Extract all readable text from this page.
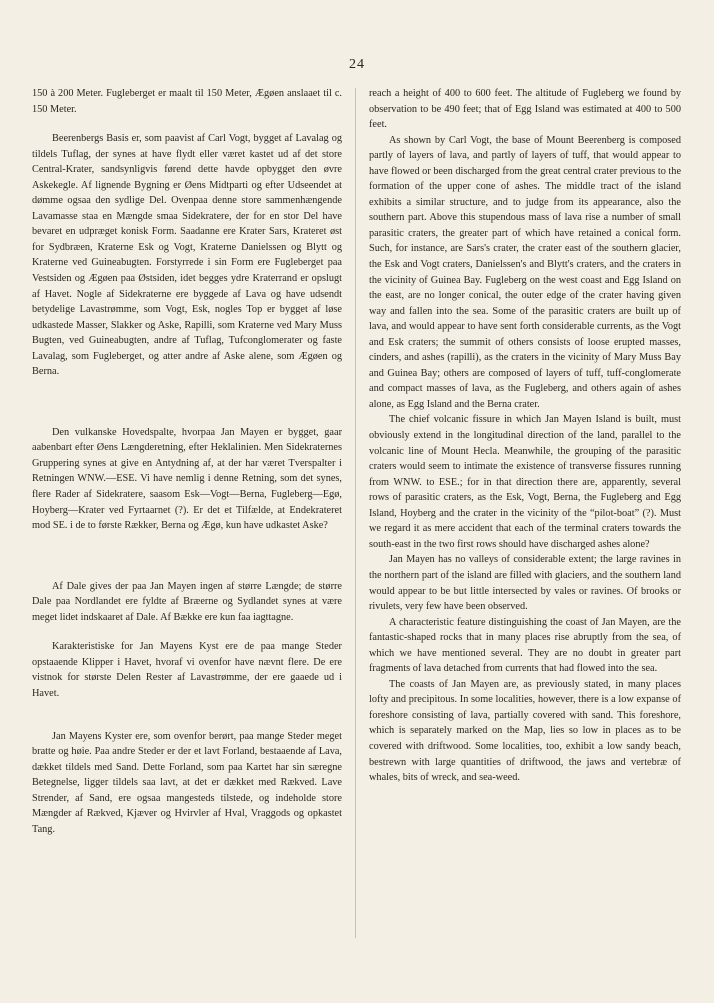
24

150 à 200 Meter. Fugleberget er maalt til 150 Meter, Ægøen anslaaet til c. 150 Meter.

Beerenbergs Basis er, som paavist af Carl Vogt, bygget af Lavalag og tildels Tuflag, der synes at have flydt eller været kastet ud af det store Central-Krater, sandsynligvis førend dette havde opbygget den øvre Askekegle. Af lignende Bygning er Øens Midtparti og efter Udseendet at dømme ogsaa den sydlige Del. Ovenpaa denne store sammenhængende Lavamasse staa en Mængde smaa Sidekratere, der for en stor Del have bevaret en udpræget konisk Form. Saadanne ere Krater Sars, Krateret øst for Sydbræen, Kraterne Esk og Vogt, Kraterne Danielssen og Blytt og Kraterne ved Guineabugten. Forstyrrede i sin Form ere Fugleberget paa Vestsiden og Ægøen paa Østsiden, idet begges ydre Kraterrand er opslugt af Havet. Nogle af Sidekraterne ere byggede af Lava og have udsendt betydelige Lavastrømme, som Vogt, Esk, nogles Top er bygget af løse udkastede Masser, Slakker og Aske, Rapilli, som Kraterne ved Mary Muss Bugten, ved Guineabugten, andre af Tuflag, Tufconglomerater og faste Lavalag, som Fugleberget, og atter andre af Aske alene, som Ægøen og Berna.

Den vulkanske Hovedspalte, hvorpaa Jan Mayen er bygget, gaar aabenbart efter Øens Længderetning, efter Heklalinien. Men Sidekraternes Gruppering synes at give en Antydning af, at der har været Tverspalter i Retningen WNW.—ESE. Vi have nemlig i denne Retning, som det synes, flere Rader af Sidekratere, saasom Esk—Vogt—Berna, Fugleberg—Egø, Hoyberg—Krater ved Fyrtaarnet (?). Er det et Tilfælde, at Endekrateret mod SE. i de to første Rækker, Berna og Ægø, kun have udkastet Aske?

Af Dale gives der paa Jan Mayen ingen af større Længde; de større Dale paa Nordlandet ere fyldte af Bræerne og Sydlandet synes at være meget lidet indskaaret af Dale. Af Bække ere kun faa iagttagne.

Karakteristiske for Jan Mayens Kyst ere de paa mange Steder opstaaende Klipper i Havet, hvoraf vi ovenfor have nævnt flere. De ere vistnok for største Delen Rester af Lavastrømme, der ere gaaede ud i Havet.

Jan Mayens Kyster ere, som ovenfor berørt, paa mange Steder meget bratte og høie. Paa andre Steder er der et lavt Forland, bestaaende af Lava, dækket tildels med Sand. Dette Forland, som paa Kartet har sin særegne Betegnelse, ligger tildels saa lavt, at det er dækket med Rækved. Lave Strender, af Sand, ere ogsaa mangesteds tilstede, og indeholde store Mængder af Rækved, Kjæver og Hvirvler af Hval, Vraggods og opkastet Tang.

reach a height of 400 to 600 feet. The altitude of Fugleberg we found by observation to be 490 feet; that of Egg Island was estimated at 400 to 500 feet.

As shown by Carl Vogt, the base of Mount Beerenberg is composed partly of layers of lava, and partly of layers of tuff, that would appear to have flowed or been discharged from the great central crater previous to the formation of the upper cone of ashes. The middle tract of the island exhibits a similar structure, and to judge from its appearance, also the southern part. Above this stupendous mass of lava rise a number of small parasitic craters, the greater part of which have retained a conical form. Such, for instance, are Sars's crater, the crater east of the southern glacier, the Esk and Vogt craters, Danielssen's and Blytt's craters, and the craters in the vicinity of Guinea Bay. Fugleberg on the west coast and Egg Island on the east, are no longer conical, the outer edge of the crater having given way and fallen into the sea. Some of the parasitic craters are built up of lava, and would appear to have sent forth considerable currents, as the Vogt and Esk craters; the summit of others consists of loose erupted masses, cinders, and ashes (rapilli), as the craters in the vicinity of Mary Muss Bay and Guinea Bay; others are composed of layers of tuff, tuff-conglomerate and compact masses of lava, as the Fugleberg, and others again of ashes alone, as Egg Island and the Berna crater.

The chief volcanic fissure in which Jan Mayen Island is built, must obviously extend in the longitudinal direction of the land, parallel to the volcanic line of Mount Hecla. Meanwhile, the grouping of the parasitic craters would seem to intimate the existence of transverse fissures running from WNW. to ESE.; for in that direction there are, apparently, several rows of parasitic craters, as the Esk, Vogt, Berna, the Fugleberg and Egg Island, Hoyberg and the crater in the vicinity of the “pilot-boat” (?). Must we regard it as mere accident that each of the terminal craters towards the south-east in the two first rows should have discharged ashes alone?

Jan Mayen has no valleys of considerable extent; the large ravines in the northern part of the island are filled with glaciers, and the southern land would appear to be but little intersected by vales or ravines. Of brooks or rivulets, very few have been observed.

A characteristic feature distinguishing the coast of Jan Mayen, are the fantastic-shaped rocks that in many places rise abruptly from the sea, of which we have mentioned several. They are no doubt in greater part fragments of lava detached from currents that had flowed into the sea.

The coasts of Jan Mayen are, as previously stated, in many places lofty and precipitous. In some localities, however, there is a low expanse of foreshore consisting of lava, partially covered with sand. This foreshore, which is separately marked on the Map, lies so low in places as to be covered with driftwood. Some localities, too, exhibit a low sandy beach, bestrewn with large quantities of driftwood, the jaws and vertebræ of whales, bits of wreck, and sea-weed.
